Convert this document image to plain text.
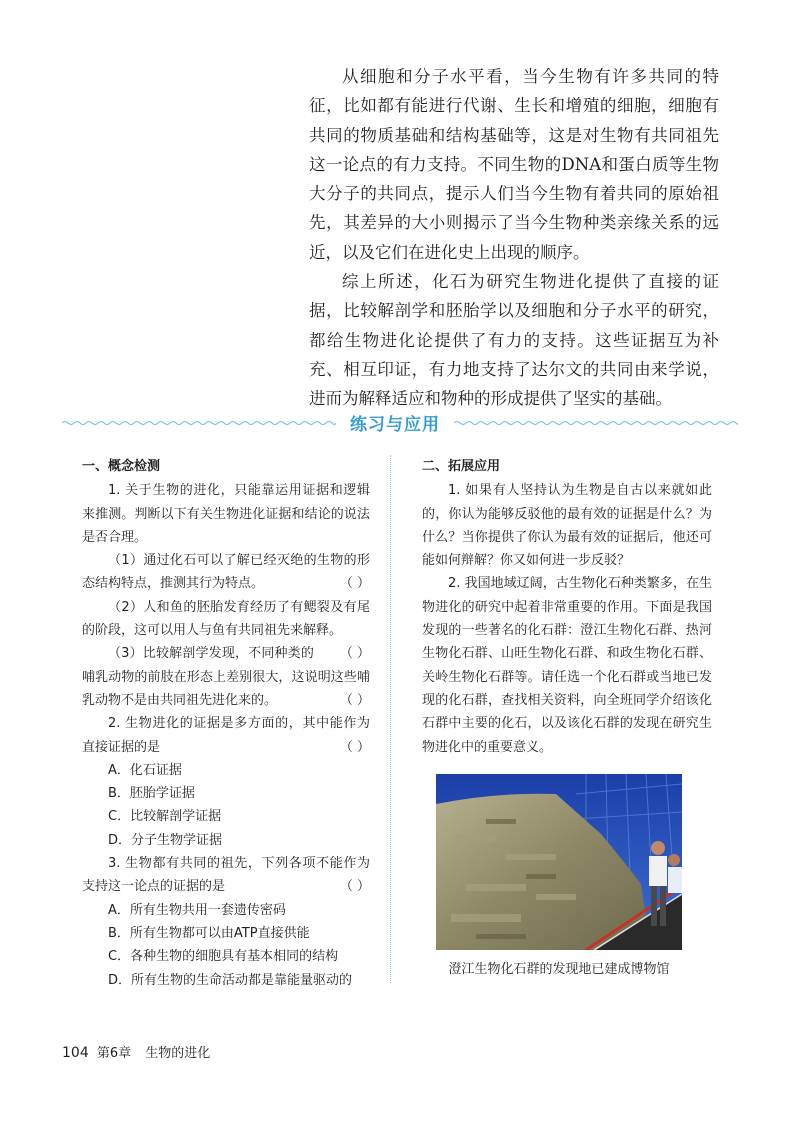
从细胞和分子水平看，当今生物有许多共同的特征，比如都有能进行代谢、生长和增殖的细胞，细胞有共同的物质基础和结构基础等，这是对生物有共同祖先这一论点的有力支持。不同生物的DNA和蛋白质等生物大分子的共同点，提示人们当今生物有着共同的原始祖先，其差异的大小则揭示了当今生物种类亲缘关系的远近，以及它们在进化史上出现的顺序。

综上所述，化石为研究生物进化提供了直接的证据，比较解剖学和胚胎学以及细胞和分子水平的研究，都给生物进化论提供了有力的支持。这些证据互为补充、相互印证，有力地支持了达尔文的共同由来学说，进而为解释适应和物种的形成提供了坚实的基础。

练习与应用

一、概念检测

1. 关于生物的进化，只能靠运用证据和逻辑来推测。判断以下有关生物进化证据和结论的说法是否合理。

（1）通过化石可以了解已经灭绝的生物的形态结构特点，推测其行为特点。	（ ）

（2）人和鱼的胚胎发育经历了有鳃裂及有尾的阶段，这可以用人与鱼有共同祖先来解释。
（ ）

（3）比较解剖学发现，不同种类的哺乳动物的前肢在形态上差别很大，这说明这些哺乳动物不是由共同祖先进化来的。	（ ）

2. 生物进化的证据是多方面的，其中能作为直接证据的是	（ ）

A．化石证据

B．胚胎学证据

C．比较解剖学证据

D．分子生物学证据

3. 生物都有共同的祖先，下列各项不能作为支持这一论点的证据的是	（ ）

A．所有生物共用一套遗传密码

B．所有生物都可以由ATP直接供能

C．各种生物的细胞具有基本相同的结构

D．所有生物的生命活动都是靠能量驱动的

二、拓展应用

1. 如果有人坚持认为生物是自古以来就如此的，你认为能够反驳他的最有效的证据是什么？为什么？当你提供了你认为最有效的证据后，他还可能如何辩解？你又如何进一步反驳？

2. 我国地域辽阔，古生物化石种类繁多，在生物进化的研究中起着非常重要的作用。下面是我国发现的一些著名的化石群：澄江生物化石群、热河生物化石群、山旺生物化石群、和政生物化石群、关岭生物化石群等。请任选一个化石群或当地已发现的化石群，查找相关资料，向全班同学介绍该化石群中主要的化石，以及该化石群的发现在研究生物进化中的重要意义。

澄江生物化石群的发现地已建成博物馆
104 第6章 生物的进化
